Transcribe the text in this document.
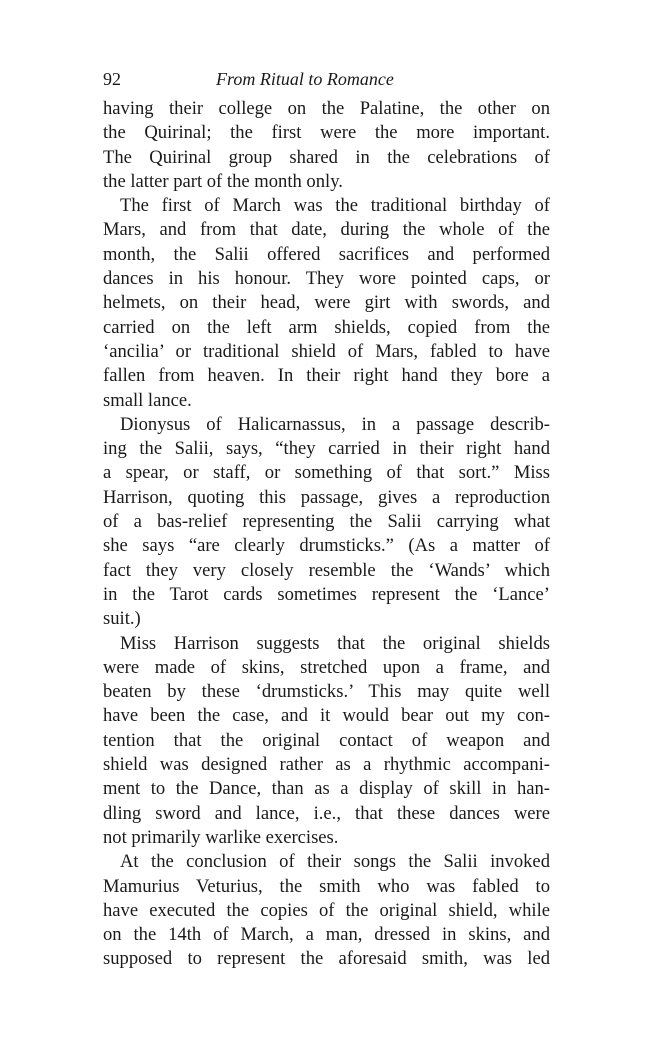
92	From Ritual to Romance
having their college on the Palatine, the other on
the Quirinal; the first were the more important.
The Quirinal group shared in the celebrations of
the latter part of the month only.
The first of March was the traditional birthday of
Mars, and from that date, during the whole of the
month, the Salii offered sacrifices and performed
dances in his honour. They wore pointed caps, or
helmets, on their head, were girt with swords, and
carried on the left arm shields, copied from the
‘ancilia’ or traditional shield of Mars, fabled to have
fallen from heaven. In their right hand they bore a
small lance.
Dionysus of Halicarnassus, in a passage describ-
ing the Salii, says, “they carried in their right hand
a spear, or staff, or something of that sort.” Miss
Harrison, quoting this passage, gives a reproduction
of a bas-relief representing the Salii carrying what
she says “are clearly drumsticks.” (As a matter of
fact they very closely resemble the ‘Wands’ which
in the Tarot cards sometimes represent the ‘Lance’
suit.)
Miss Harrison suggests that the original shields
were made of skins, stretched upon a frame, and
beaten by these ‘drumsticks.’ This may quite well
have been the case, and it would bear out my con-
tention that the original contact of weapon and
shield was designed rather as a rhythmic accompani-
ment to the Dance, than as a display of skill in han-
dling sword and lance, i.e., that these dances were
not primarily warlike exercises.
At the conclusion of their songs the Salii invoked
Mamurius Veturius, the smith who was fabled to
have executed the copies of the original shield, while
on the 14th of March, a man, dressed in skins, and
supposed to represent the aforesaid smith, was led
